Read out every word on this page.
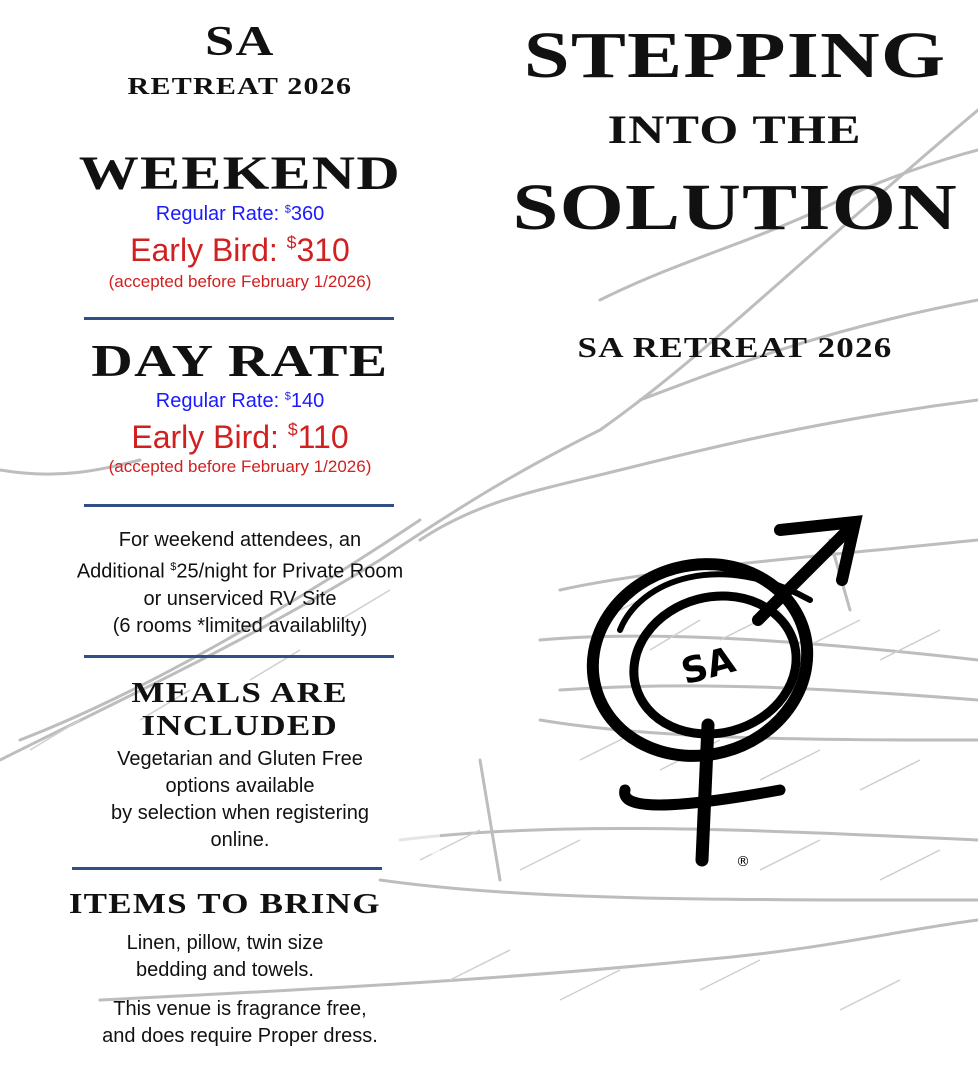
SA
RETREAT 2026
WEEKEND
Regular Rate: $360
Early Bird: $310
(accepted before February 1/2026)
DAY RATE
Regular Rate: $140
Early Bird: $110
(accepted before February 1/2026)
For weekend attendees, an
Additional $25/night for Private Room
or unserviced RV Site
(6 rooms *limited availablilty)
MEALS ARE
INCLUDED
Vegetarian and Gluten Free
options available
by selection when registering
online.
ITEMS TO BRING
Linen, pillow, twin size
bedding and towels.
This venue is fragrance free,
and does require Proper dress.
STEPPING
INTO THE
SOLUTION
SA RETREAT 2026
SA
®
